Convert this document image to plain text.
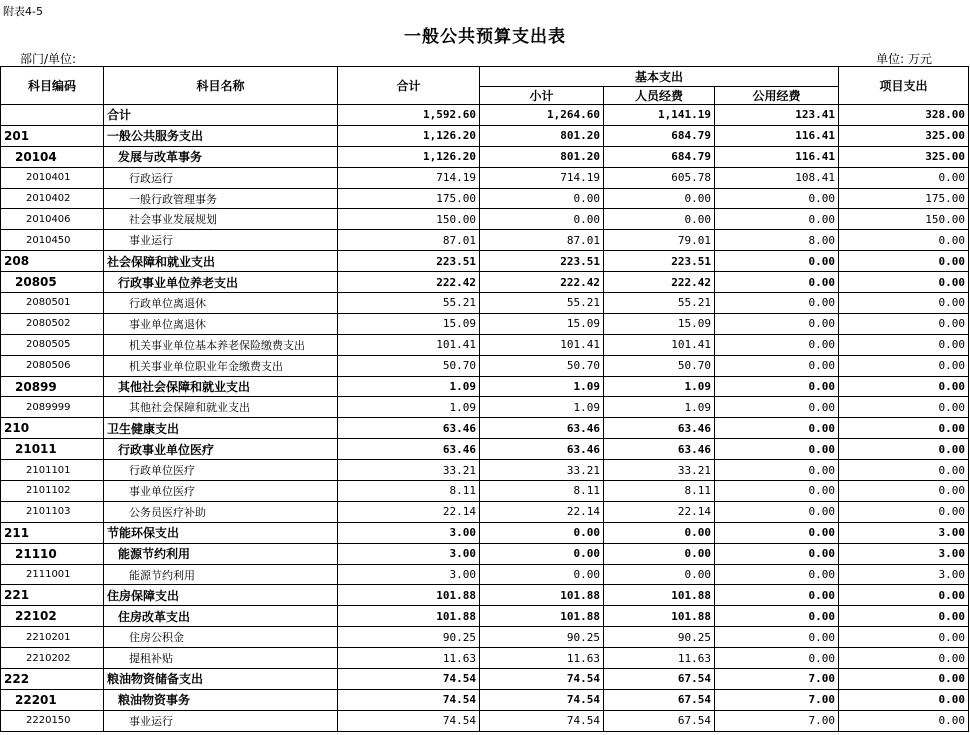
附表4-5
一般公共预算支出表
部门/单位:	单位: 万元
科目编码	科目名称	合计	基本支出			项目支出
			小计	人员经费	公用经费	
	合计	1,592.60	1,264.60	1,141.19	123.41	328.00
201	一般公共服务支出	1,126.20	801.20	684.79	116.41	325.00
20104	发展与改革事务	1,126.20	801.20	684.79	116.41	325.00
2010401	行政运行	714.19	714.19	605.78	108.41	0.00
2010402	一般行政管理事务	175.00	0.00	0.00	0.00	175.00
2010406	社会事业发展规划	150.00	0.00	0.00	0.00	150.00
2010450	事业运行	87.01	87.01	79.01	8.00	0.00
208	社会保障和就业支出	223.51	223.51	223.51	0.00	0.00
20805	行政事业单位养老支出	222.42	222.42	222.42	0.00	0.00
2080501	行政单位离退休	55.21	55.21	55.21	0.00	0.00
2080502	事业单位离退休	15.09	15.09	15.09	0.00	0.00
2080505	机关事业单位基本养老保险缴费支出	101.41	101.41	101.41	0.00	0.00
2080506	机关事业单位职业年金缴费支出	50.70	50.70	50.70	0.00	0.00
20899	其他社会保障和就业支出	1.09	1.09	1.09	0.00	0.00
2089999	其他社会保障和就业支出	1.09	1.09	1.09	0.00	0.00
210	卫生健康支出	63.46	63.46	63.46	0.00	0.00
21011	行政事业单位医疗	63.46	63.46	63.46	0.00	0.00
2101101	行政单位医疗	33.21	33.21	33.21	0.00	0.00
2101102	事业单位医疗	8.11	8.11	8.11	0.00	0.00
2101103	公务员医疗补助	22.14	22.14	22.14	0.00	0.00
211	节能环保支出	3.00	0.00	0.00	0.00	3.00
21110	能源节约利用	3.00	0.00	0.00	0.00	3.00
2111001	能源节约利用	3.00	0.00	0.00	0.00	3.00
221	住房保障支出	101.88	101.88	101.88	0.00	0.00
22102	住房改革支出	101.88	101.88	101.88	0.00	0.00
2210201	住房公积金	90.25	90.25	90.25	0.00	0.00
2210202	提租补贴	11.63	11.63	11.63	0.00	0.00
222	粮油物资储备支出	74.54	74.54	67.54	7.00	0.00
22201	粮油物资事务	74.54	74.54	67.54	7.00	0.00
2220150	事业运行	74.54	74.54	67.54	7.00	0.00
